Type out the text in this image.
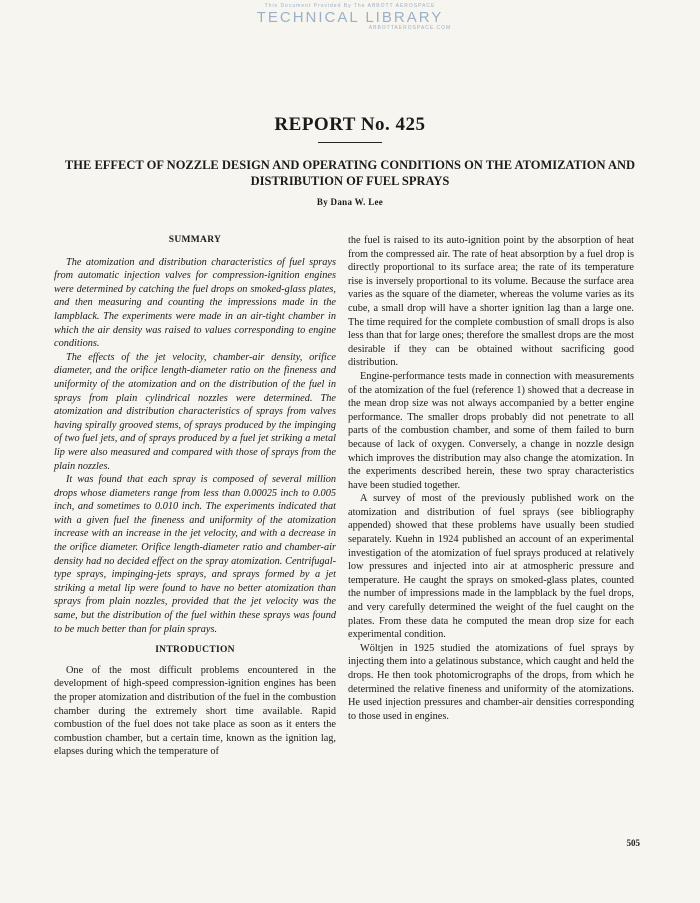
This Document Provided By The ABBOTT AEROSPACE
TECHNICAL LIBRARY
ABBOTTAEROSPACE.COM
REPORT No. 425
THE EFFECT OF NOZZLE DESIGN AND OPERATING CONDITIONS ON THE ATOMIZATION AND DISTRIBUTION OF FUEL SPRAYS
By Dana W. Lee
SUMMARY

The atomization and distribution characteristics of fuel sprays from automatic injection valves for compression-ignition engines were determined by catching the fuel drops on smoked-glass plates, and then measuring and counting the impressions made in the lampblack. The experiments were made in an air-tight chamber in which the air density was raised to values corresponding to engine conditions.

The effects of the jet velocity, chamber-air density, orifice diameter, and the orifice length-diameter ratio on the fineness and uniformity of the atomization and on the distribution of the fuel in sprays from plain cylindrical nozzles were determined. The atomization and distribution characteristics of sprays from valves having spirally grooved stems, of sprays produced by the impinging of two fuel jets, and of sprays produced by a fuel jet striking a metal lip were also measured and compared with those of sprays from the plain nozzles.

It was found that each spray is composed of several million drops whose diameters range from less than 0.00025 inch to 0.005 inch, and sometimes to 0.010 inch. The experiments indicated that with a given fuel the fineness and uniformity of the atomization increase with an increase in the jet velocity, and with a decrease in the orifice diameter. Orifice length-diameter ratio and chamber-air density had no decided effect on the spray atomization. Centrifugal-type sprays, impinging-jets sprays, and sprays formed by a jet striking a metal lip were found to have no better atomization than sprays from plain nozzles, provided that the jet velocity was the same, but the distribution of the fuel within these sprays was found to be much better than for plain sprays.

INTRODUCTION

One of the most difficult problems encountered in the development of high-speed compression-ignition engines has been the proper atomization and distribution of the fuel in the combustion chamber during the extremely short time available. Rapid combustion of the fuel does not take place as soon as it enters the combustion chamber, but a certain time, known as the ignition lag, elapses during which the temperature of

the fuel is raised to its auto-ignition point by the absorption of heat from the compressed air. The rate of heat absorption by a fuel drop is directly proportional to its surface area; the rate of its temperature rise is inversely proportional to its volume. Because the surface area varies as the square of the diameter, whereas the volume varies as its cube, a small drop will have a shorter ignition lag than a large one. The time required for the complete combustion of small drops is also less than that for large ones; therefore the smallest drops are the most desirable if they can be obtained without sacrificing good distribution.

Engine-performance tests made in connection with measurements of the atomization of the fuel (reference 1) showed that a decrease in the mean drop size was not always accompanied by a better engine performance. The smaller drops probably did not penetrate to all parts of the combustion chamber, and some of them failed to burn because of lack of oxygen. Conversely, a change in nozzle design which improves the distribution may also change the atomization. In the experiments described herein, these two spray characteristics have been studied together.

A survey of most of the previously published work on the atomization and distribution of fuel sprays (see bibliography appended) showed that these problems have usually been studied separately. Kuehn in 1924 published an account of an experimental investigation of the atomization of fuel sprays produced at relatively low pressures and injected into air at atmospheric pressure and temperature. He caught the sprays on smoked-glass plates, counted the number of impressions made in the lampblack by the fuel drops, and very carefully determined the weight of the fuel caught on the plates. From these data he computed the mean drop size for each experimental condition.

Wöltjen in 1925 studied the atomizations of fuel sprays by injecting them into a gelatinous substance, which caught and held the drops. He then took photomicrographs of the drops, from which he determined the relative fineness and uniformity of the atomizations. He used injection pressures and chamber-air densities corresponding to those used in engines.

505
